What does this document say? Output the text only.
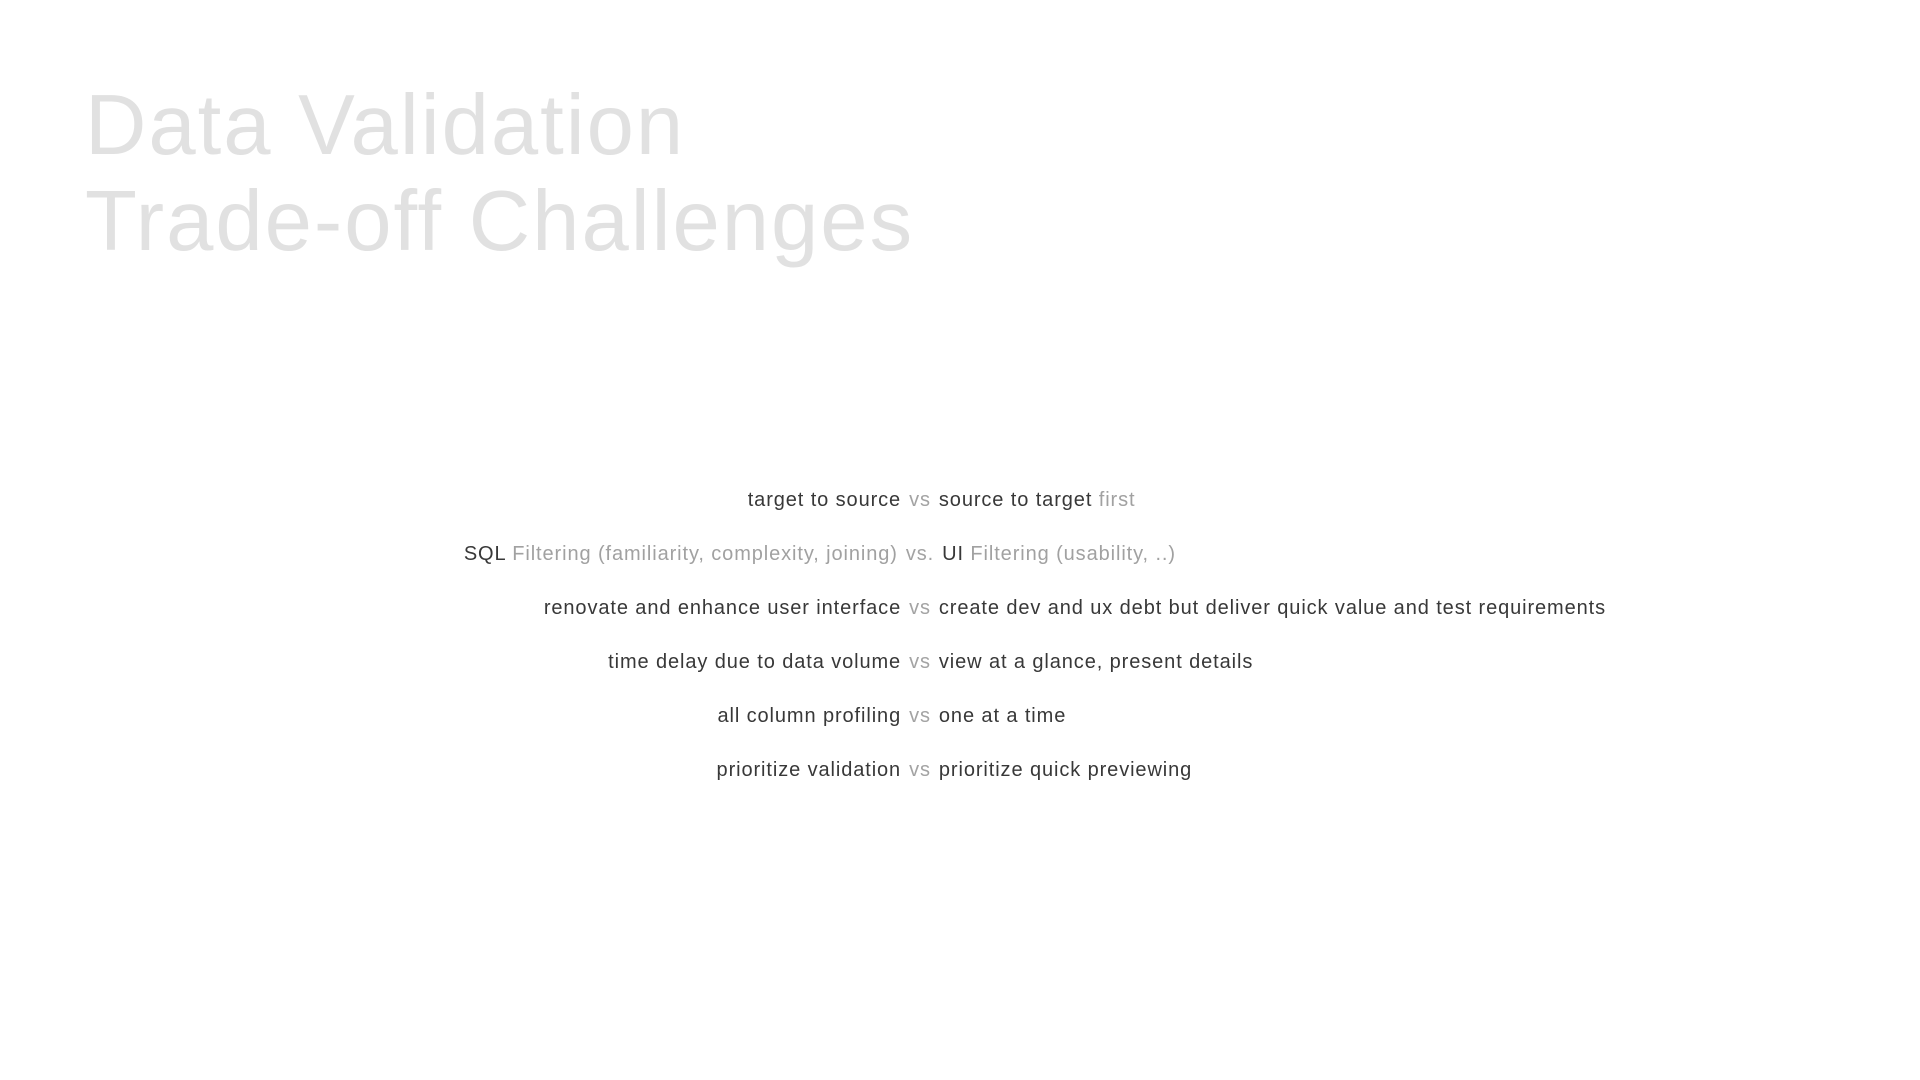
Data Validation
Trade-off Challenges
target to source vs source to target first
SQL Filtering (familiarity, complexity, joining) vs. UI Filtering (usability, ..)
renovate and enhance user interface vs create dev and ux debt but deliver quick value and test requirements
time delay due to data volume vs view at a glance, present details
all column profiling vs one at a time
prioritize validation vs prioritize quick previewing
